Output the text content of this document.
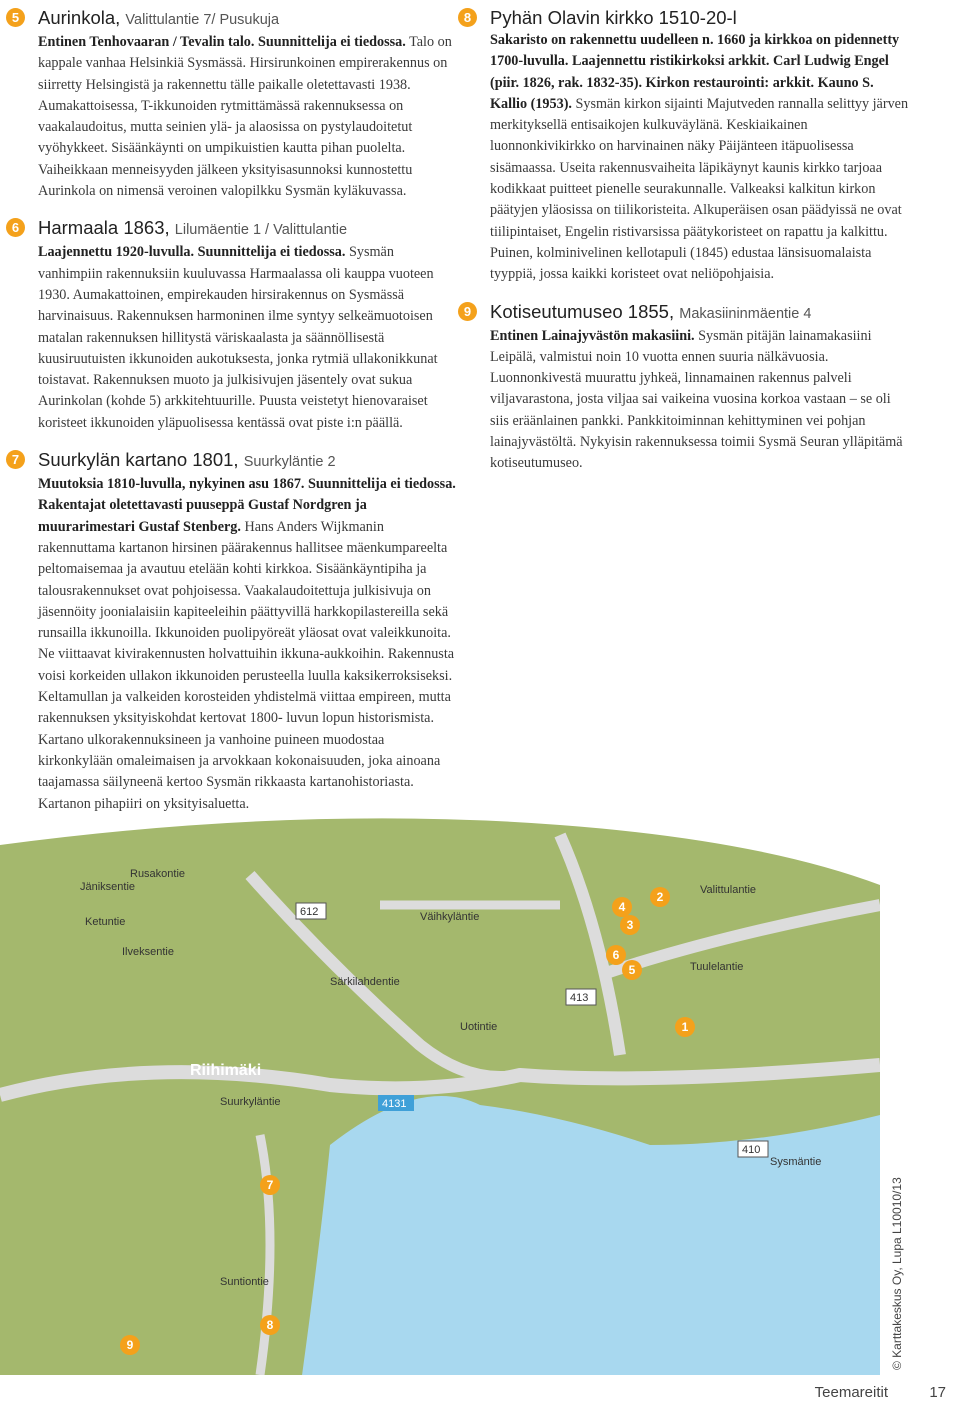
5	Aurinkola, Valittulantie 7/ Pusukuja

Entinen Tenhovaaran / Tevalin talo. Suunnittelija ei tiedossa. Talo on kappale vanhaa Helsinkiä Sysmässä. Hirsirunkoinen empirerakennus on siirretty Helsingistä ja rakennettu tälle paikalle oletettavasti 1938. Aumakattoisessa, T-ikkunoiden rytmittämässä rakennuksessa on vaakalaudoitus, mutta seinien ylä- ja alaosissa on pystylaudoitetut vyöhykkeet. Sisäänkäynti on umpikuistien kautta pihan puolelta. Vaiheikkaan menneisyyden jälkeen yksityisasunnoksi kunnostettu Aurinkola on nimensä veroinen valopilkku Sysmän kyläkuvassa.

6	Harmaala 1863, Lilumäentie 1 / Valittulantie

Laajennettu 1920-luvulla. Suunnittelija ei tiedossa. Sysmän vanhimpiin rakennuksiin kuuluvassa Harmaalassa oli kauppa vuoteen 1930. Aumakattoinen, empirekauden hirsirakennus on Sysmässä harvinaisuus. Rakennuksen harmoninen ilme syntyy selkeämuotoisen matalan rakennuksen hillitystä väriskaalasta ja säännöllisestä kuusiruutuisten ikkunoiden aukotuksesta, jonka rytmiä ullakonikkunat toistavat. Rakennuksen muoto ja julkisivujen jäsentely ovat sukua Aurinkolan (kohde 5) arkkitehtuurille. Puusta veistetyt hienovaraiset koristeet ikkunoiden yläpuolisessa kentässä ovat piste i:n päällä.

7	Suurkylän kartano 1801, Suurkyläntie 2

Muutoksia 1810-luvulla, nykyinen asu 1867. Suunnittelija ei tiedossa. Rakentajat oletettavasti puuseppä Gustaf Nordgren ja muurarimestari Gustaf Stenberg. Hans Anders Wijkmanin rakennuttama kartanon hirsinen päärakennus hallitsee mäenkumpareelta peltomaisemaa ja avautuu etelään kohti kirkkoa. Sisäänkäyntipiha ja talousrakennukset ovat pohjoisessa. Vaakalaudoitettuja julkisivuja on jäsennöity joonialaisiin kapiteeleihin päättyvillä harkkopilastereilla sekä runsailla ikkunoilla. Ikkunoiden puolipyöreät yläosat ovat valeikkunoita. Ne viittaavat kivirakennusten holvattuihin ikkuna-aukkoihin. Rakennusta voisi korkeiden ullakon ikkunoiden perusteella luulla kaksikerroksiseksi. Keltamullan ja valkeiden korosteiden yhdistelmä viittaa empireen, mutta rakennuksen yksityiskohdat kertovat 1800- luvun lopun historismista. Kartano ulkorakennuksineen ja vanhoine puineen muodostaa kirkonkylään omaleimaisen ja arvokkaan kokonaisuuden, joka ainoana taajamassa säilyneenä kertoo Sysmän rikkaasta kartanohistoriasta. Kartanon pihapiiri on yksityisaluetta.

8	Pyhän Olavin kirkko 1510-20-l

Sakaristo on rakennettu uudelleen n. 1660 ja kirkkoa on pidennetty 1700-luvulla. Laajennettu ristikirkoksi arkkit. Carl Ludwig Engel (piir. 1826, rak. 1832-35). Kirkon restaurointi: arkkit. Kauno S. Kallio (1953). Sysmän kirkon sijainti Majutveden rannalla selittyy järven merkityksellä entisaikojen kulkuväylänä. Keskiaikainen luonnonkivikirkko on harvinainen näky Päijänteen itäpuolisessa sisämaassa. Useita rakennusvaiheita läpikäynyt kaunis kirkko tarjoaa kodikkaat puitteet pienelle seurakunnalle. Valkeaksi kalkitun kirkon päätyjen yläosissa on tiilikoristeita. Alkuperäisen osan päädyissä ne ovat tiilipintaiset, Engelin ristivarsissa päätykoristeet on rapattu ja kalkittu. Puinen, kolminivelinen kellotapuli (1845) edustaa länsisuomalaista tyyppiä, jossa kaikki koristeet ovat neliöpohjaisia.

9	Kotiseutumuseo 1855, Makasiininmäentie 4

Entinen Lainajyvästön makasiini. Sysmän pitäjän lainamakasiini Leipälä, valmistui noin 10 vuotta ennen suuria nälkävuosia. Luonnonkivestä muurattu jyhkeä, linnamainen rakennus palveli viljavarastona, josta viljaa sai vaikeina vuosina korkoa vastaan – se oli siis eräänlainen pankki. Pankkitoiminnan kehittyminen vei pohjan lainajyvästöltä. Nykyisin rakennuksessa toimii Sysmä Seuran ylläpitämä kotiseutumuseo.

Jäniksentie
Rusakontie
Ketuntie
Ilveksentie
Riihimäki
Suurkyläntie
Särkilahdentie
Väihkyläntie
Uotintie
Tuulelantie
Valittulantie
Sysmäntie
Suntiontie
612
413
4131
410
1
2
3
4
5
6
7
8
9	© Karttakeskus Oy, Lupa L10010/13
Teemareitit	17
